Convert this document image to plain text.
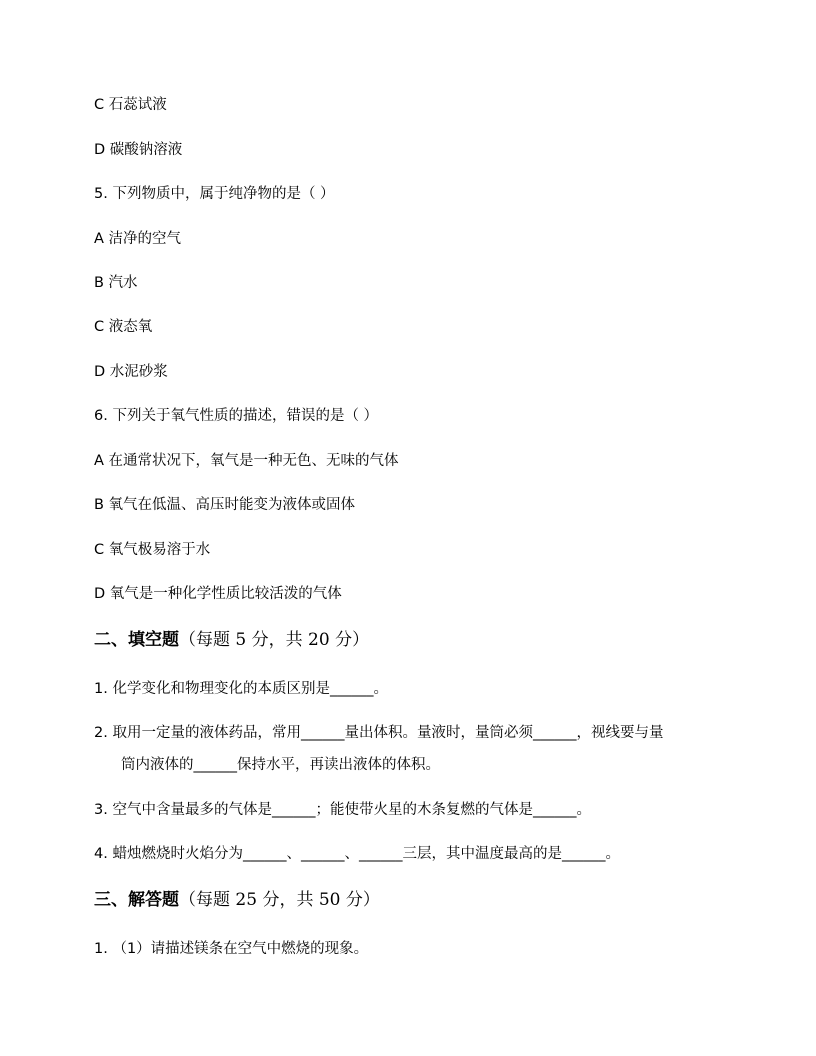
C 石蕊试液
D 碳酸钠溶液
5. 下列物质中，属于纯净物的是（ ）
A 洁净的空气
B 汽水
C 液态氧
D 水泥砂浆
6. 下列关于氧气性质的描述，错误的是（ ）
A 在通常状况下，氧气是一种无色、无味的气体
B 氧气在低温、高压时能变为液体或固体
C 氧气极易溶于水
D 氧气是一种化学性质比较活泼的气体
二、填空题（每题 5 分，共 20 分）
1. 化学变化和物理变化的本质区别是______。
2. 取用一定量的液体药品，常用______量出体积。量液时，量筒必须______，视线要与量
筒内液体的______保持水平，再读出液体的体积。
3. 空气中含量最多的气体是______；能使带火星的木条复燃的气体是______。
4. 蜡烛燃烧时火焰分为______、______、______三层，其中温度最高的是______。
三、解答题（每题 25 分，共 50 分）
1. （1）请描述镁条在空气中燃烧的现象。
